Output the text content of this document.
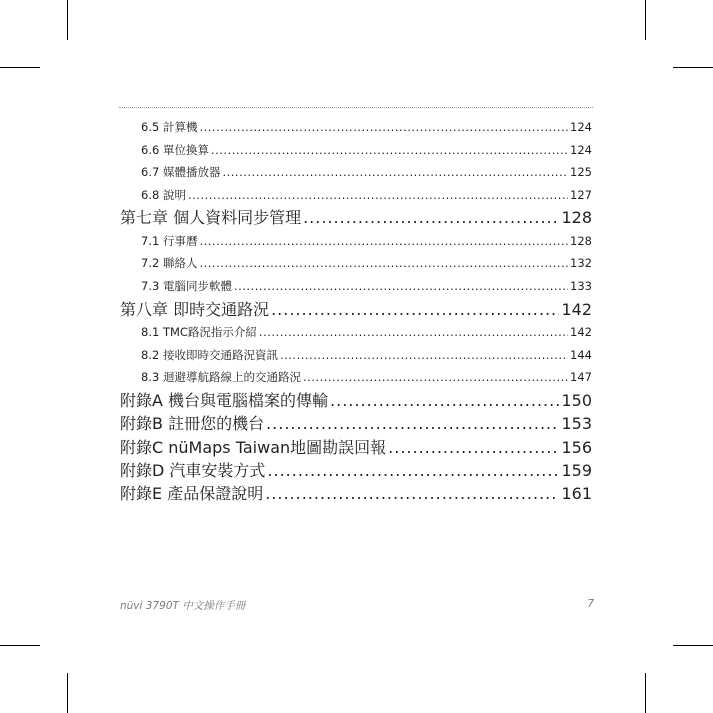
6.5 計算機 .....	124
6.6 單位換算 .....	124
6.7 媒體播放器 .....	125
6.8 說明 .....	127
第七章 個人資料同步管理 .....	128
7.1 行事曆 .....	128
7.2 聯絡人 .....	132
7.3 電腦同步軟體 .....	133
第八章 即時交通路況 .....	142
8.1 TMC路況指示介紹 .....	142
8.2 接收即時交通路況資訊 .....	144
8.3 迴避導航路線上的交通路況 .....	147
附錄A 機台與電腦檔案的傳輸 .....	150
附錄B 註冊您的機台 .....	153
附錄C nüMaps Taiwan地圖勘誤回報 .....	156
附錄D 汽車安裝方式 .....	159
附錄E 產品保證說明 .....	161
nüvi 3790T 中文操作手冊	7
